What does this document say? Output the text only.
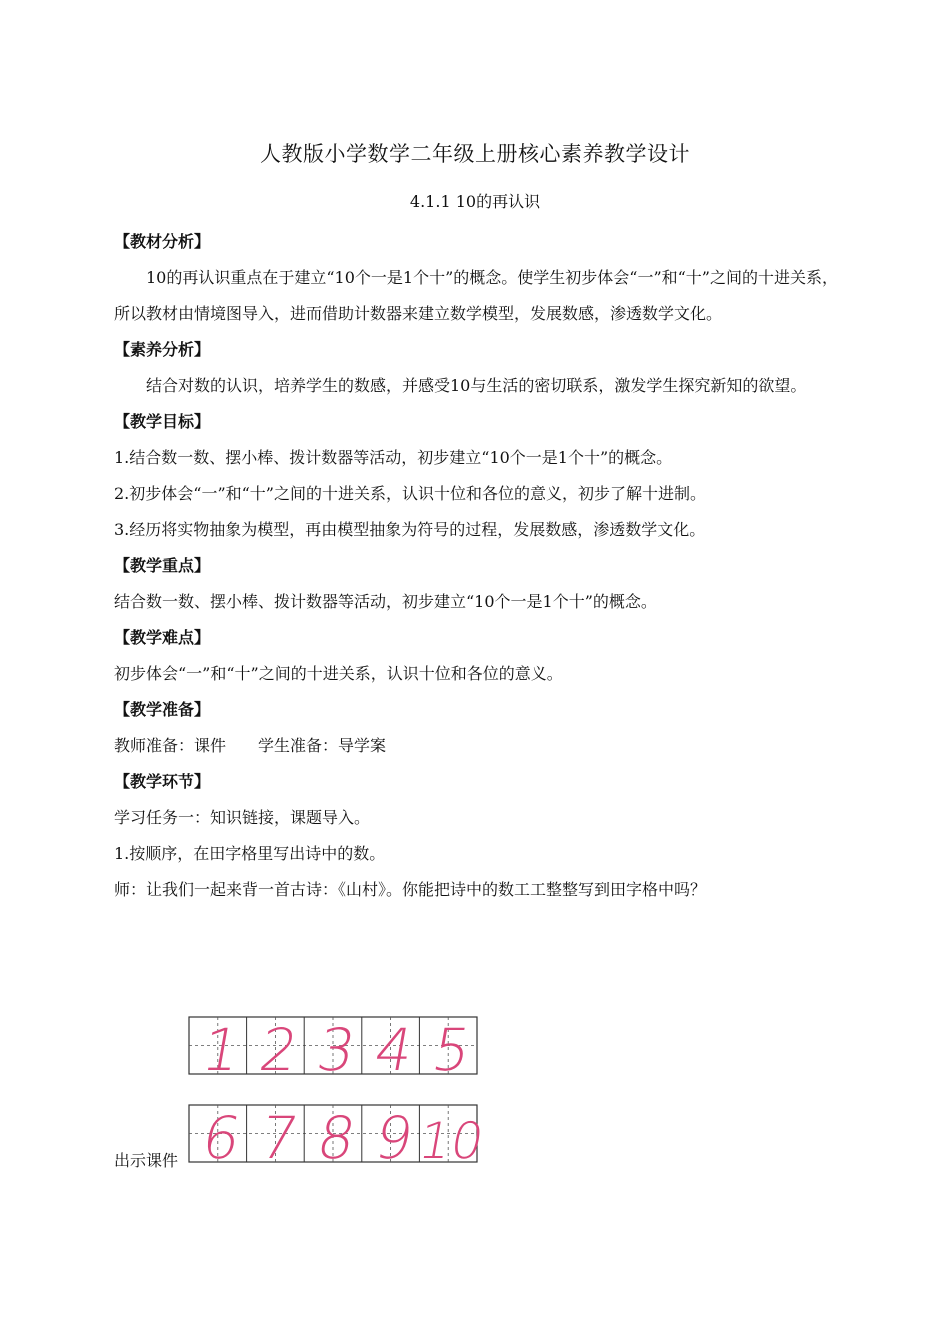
人教版小学数学二年级上册核心素养教学设计
4.1.1 10的再认识
【教材分析】
10的再认识重点在于建立“10个一是1个十”的概念。使学生初步体会“一”和“十”之间的十进关系，所以教材由情境图导入，进而借助计数器来建立数学模型，发展数感，渗透数学文化。
【素养分析】
结合对数的认识，培养学生的数感，并感受10与生活的密切联系，激发学生探究新知的欲望。
【教学目标】
1.结合数一数、摆小棒、拨计数器等活动，初步建立“10个一是1个十”的概念。
2.初步体会“一”和“十”之间的十进关系，认识十位和各位的意义，初步了解十进制。
3.经历将实物抽象为模型，再由模型抽象为符号的过程，发展数感，渗透数学文化。
【教学重点】
结合数一数、摆小棒、拨计数器等活动，初步建立“10个一是1个十”的概念。
【教学难点】
初步体会“一”和“十”之间的十进关系，认识十位和各位的意义。
【教学准备】
教师准备：课件　　学生准备：导学案
【教学环节】
学习任务一：知识链接，课题导入。
1.按顺序，在田字格里写出诗中的数。
师：让我们一起来背一首古诗：《山村》。你能把诗中的数工工整整写到田字格中吗？
1 2 3 4 5
6 7 8 9
10
出示课件
